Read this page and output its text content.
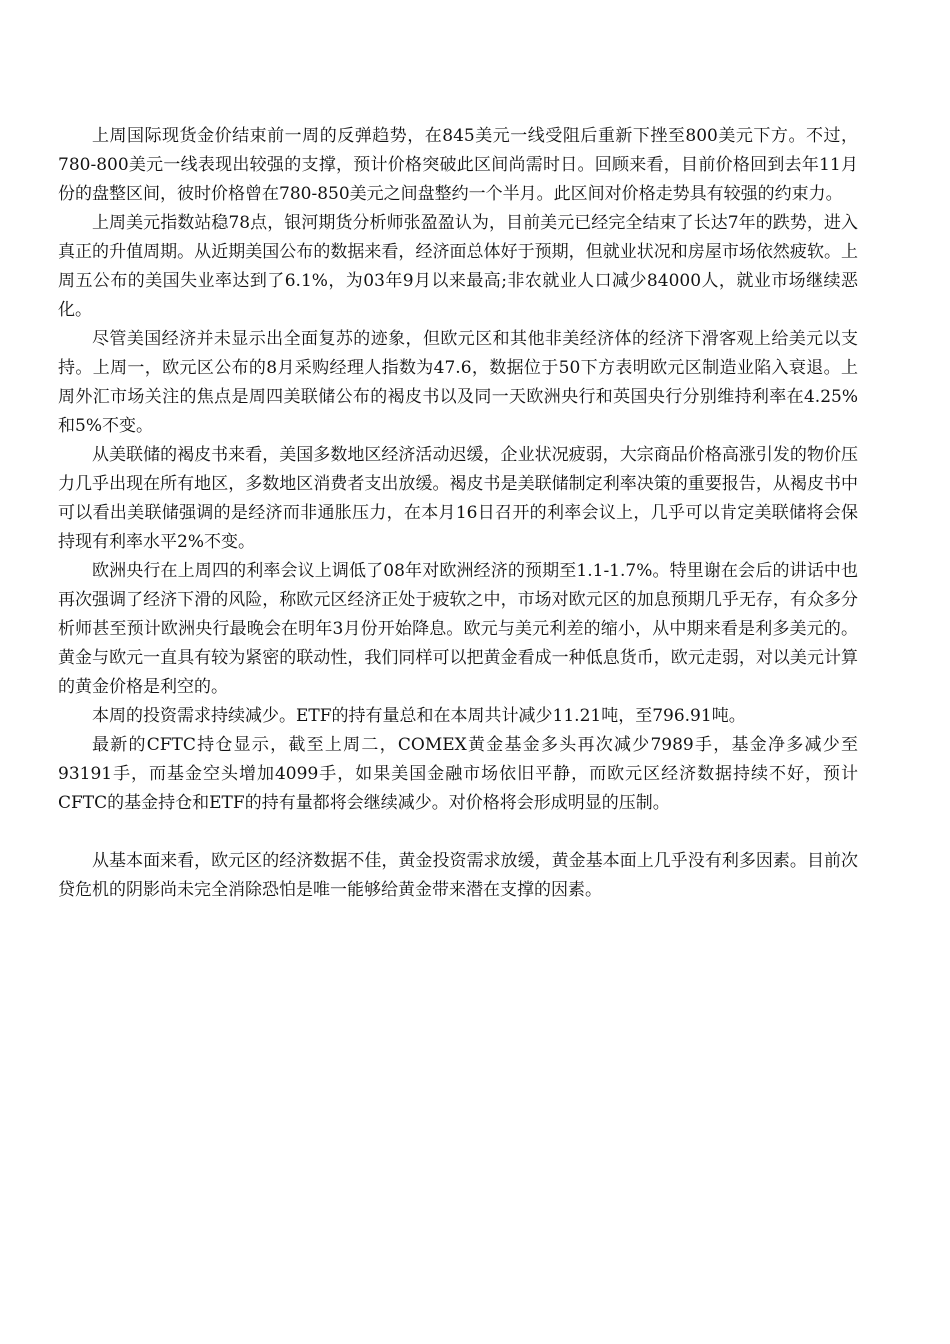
上周国际现货金价结束前一周的反弹趋势，在845美元一线受阻后重新下挫至800美元下方。不过，780-800美元一线表现出较强的支撑，预计价格突破此区间尚需时日。回顾来看，目前价格回到去年11月份的盘整区间，彼时价格曾在780-850美元之间盘整约一个半月。此区间对价格走势具有较强的约束力。

上周美元指数站稳78点，银河期货分析师张盈盈认为，目前美元已经完全结束了长达7年的跌势，进入真正的升值周期。从近期美国公布的数据来看，经济面总体好于预期，但就业状况和房屋市场依然疲软。上周五公布的美国失业率达到了6.1%，为03年9月以来最高;非农就业人口减少84000人，就业市场继续恶化。

尽管美国经济并未显示出全面复苏的迹象，但欧元区和其他非美经济体的经济下滑客观上给美元以支持。上周一，欧元区公布的8月采购经理人指数为47.6，数据位于50下方表明欧元区制造业陷入衰退。上周外汇市场关注的焦点是周四美联储公布的褐皮书以及同一天欧洲央行和英国央行分别维持利率在4.25%和5%不变。

从美联储的褐皮书来看，美国多数地区经济活动迟缓，企业状况疲弱，大宗商品价格高涨引发的物价压力几乎出现在所有地区，多数地区消费者支出放缓。褐皮书是美联储制定利率决策的重要报告，从褐皮书中可以看出美联储强调的是经济而非通胀压力，在本月16日召开的利率会议上，几乎可以肯定美联储将会保持现有利率水平2%不变。

欧洲央行在上周四的利率会议上调低了08年对欧洲经济的预期至1.1-1.7%。特里谢在会后的讲话中也再次强调了经济下滑的风险，称欧元区经济正处于疲软之中，市场对欧元区的加息预期几乎无存，有众多分析师甚至预计欧洲央行最晚会在明年3月份开始降息。欧元与美元利差的缩小，从中期来看是利多美元的。黄金与欧元一直具有较为紧密的联动性，我们同样可以把黄金看成一种低息货币，欧元走弱，对以美元计算的黄金价格是利空的。

本周的投资需求持续减少。ETF的持有量总和在本周共计减少11.21吨，至796.91吨。

最新的CFTC持仓显示，截至上周二，COMEX黄金基金多头再次减少7989手，基金净多减少至93191手，而基金空头增加4099手，如果美国金融市场依旧平静，而欧元区经济数据持续不好，预计CFTC的基金持仓和ETF的持有量都将会继续减少。对价格将会形成明显的压制。

从基本面来看，欧元区的经济数据不佳，黄金投资需求放缓，黄金基本面上几乎没有利多因素。目前次贷危机的阴影尚未完全消除恐怕是唯一能够给黄金带来潜在支撑的因素。
